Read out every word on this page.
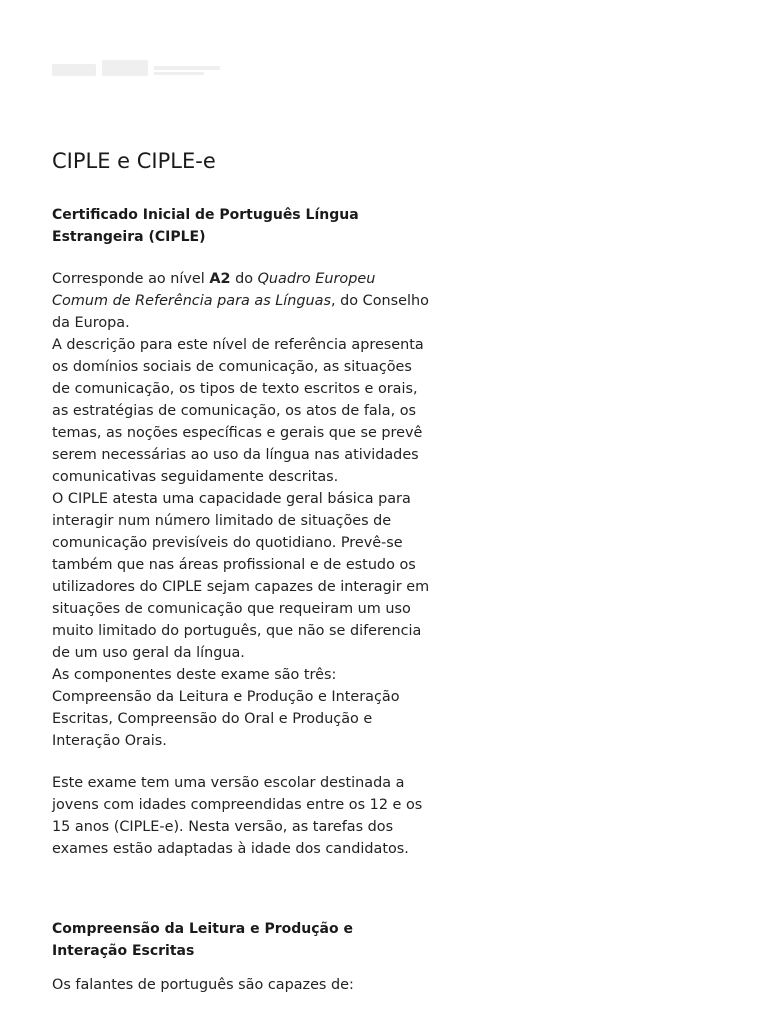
CIPLE e CIPLE-e
Certificado Inicial de Português Língua Estrangeira (CIPLE)

Corresponde ao nível A2 do Quadro Europeu Comum de Referência para as Línguas, do Conselho da Europa.

A descrição para este nível de referência apresenta os domínios sociais de comunicação, as situações de comunicação, os tipos de texto escritos e orais, as estratégias de comunicação, os atos de fala, os temas, as noções específicas e gerais que se prevê serem necessárias ao uso da língua nas atividades comunicativas seguidamente descritas.

O CIPLE atesta uma capacidade geral básica para interagir num número limitado de situações de comunicação previsíveis do quotidiano. Prevê-se também que nas áreas profissional e de estudo os utilizadores do CIPLE sejam capazes de interagir em situações de comunicação que requeiram um uso muito limitado do português, que não se diferencia de um uso geral da língua.

As componentes deste exame são três: Compreensão da Leitura e Produção e Interação Escritas, Compreensão do Oral e Produção e Interação Orais.

Este exame tem uma versão escolar destinada a jovens com idades compreendidas entre os 12 e os 15 anos (CIPLE-e). Nesta versão, as tarefas dos exames estão adaptadas à idade dos candidatos.

Compreensão da Leitura e Produção e Interação Escritas

Os falantes de português são capazes de:
